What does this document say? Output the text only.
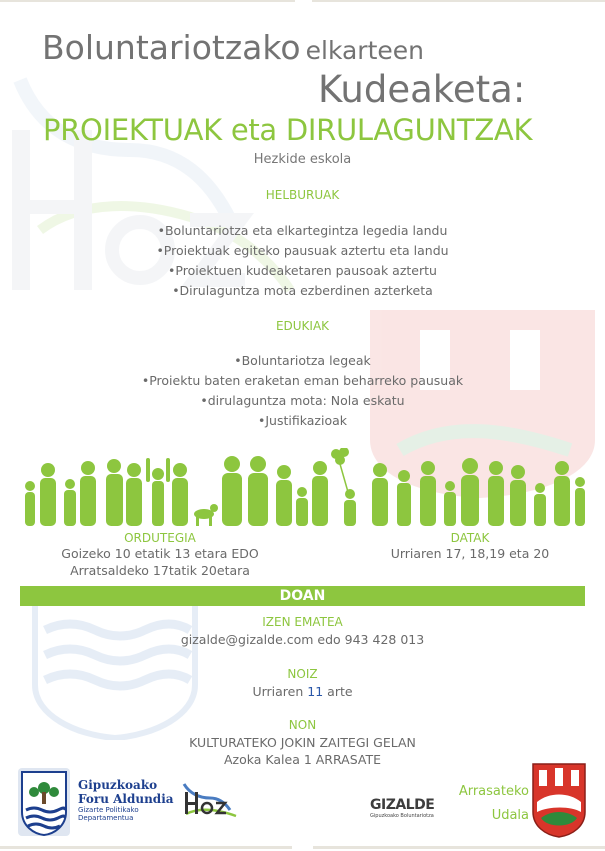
Boluntariotzako elkarteen
Kudeaketa:
PROIEKTUAK eta DIRULAGUNTZAK
Hezkide eskola
HELBURUAK
•Boluntariotza eta elkartegintza legedia landu
•Proiektuak egiteko pausuak aztertu eta landu
•Proiektuen kudeaketaren pausoak aztertu
•Dirulaguntza mota ezberdinen azterketa
EDUKIAK
•Boluntariotza legeak
•Proiektu baten eraketan eman beharreko pausuak
•dirulaguntza mota: Nola eskatu
•Justifikazioak
ORDUTEGIA
Goizeko 10 etatik 13 etara EDO
Arratsaldeko 17tatik 20etara
DATAK
Urriaren 17, 18,19 eta 20
DOAN
IZEN EMATEA
gizalde@gizalde.com edo 943 428 013
NOIZ
Urriaren 11 arte
NON
KULTURATEKO JOKIN ZAITEGI GELAN
Azoka Kalea 1 ARRASATE
Gipuzkoako
Foru Aldundia
Gizarte Politikako
Departamentua
GIZALDE
Gipuzkoako Boluntariotza
Arrasateko
Udala
